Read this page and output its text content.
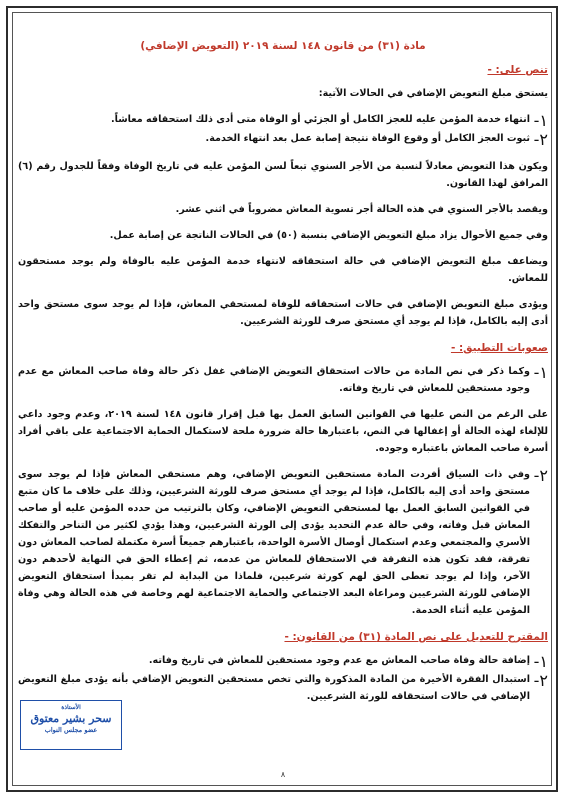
مادة (٣١) من قانون ١٤٨ لسنة ٢٠١٩ (التعويض الإضافي)
تنص على: -

يستحق مبلغ التعويض الإضافي في الحالات الآتية:

١-

انتهاء خدمة المؤمن عليه للعجز الكامل أو الجزئي أو الوفاة متى أدى ذلك استحقاقه معاشاً.

٢-

ثبوت العجز الكامل أو وقوع الوفاة نتيجة إصابة عمل بعد انتهاء الخدمة.

ويكون هذا التعويض معادلاً لنسبة من الأجر السنوي تبعاً لسن المؤمن عليه في تاريخ الوفاة وفقاً للجدول رقم (٦) المرافق لهذا القانون.

ويقصد بالأجر السنوي في هذه الحالة أجر تسوية المعاش مضروباً في اثني عشر.

وفي جميع الأحوال يزاد مبلغ التعويض الإضافي بنسبة (٥٠) في الحالات الناتجة عن إصابة عمل.

ويضاعف مبلغ التعويض الإضافي في حالة استحقاقه لانتهاء خدمة المؤمن عليه بالوفاة ولم يوجد مستحقون للمعاش.

ويؤدى مبلغ التعويض الإضافي في حالات استحقاقه للوفاة لمستحقي المعاش، فإذا لم يوجد سوى مستحق واحد أدى إليه بالكامل، فإذا لم يوجد أي مستحق صرف للورثة الشرعيين.

صعوبات التطبيق: -
١-

وكما ذكر في نص المادة من حالات استحقاق التعويض الإضافي غفل ذكر حالة وفاة صاحب المعاش مع عدم وجود مستحقين للمعاش في تاريخ وفاته.

على الرغم من النص عليها في القوانين السابق العمل بها قبل إقرار قانون ١٤٨ لسنة ٢٠١٩، وعدم وجود داعي للإلغاء لهذه الحالة أو إغفالها في النص، باعتبارها حالة ضرورة ملحة لاستكمال الحماية الاجتماعية على باقي أفراد أسرة صاحب المعاش باعتباره وجوده.

٢-

وفي ذات السياق أفردت المادة مستحقين التعويض الإضافي، وهم مستحقي المعاش فإذا لم يوجد سوى مستحق واحد أدى إليه بالكامل، فإذا لم يوجد أي مستحق صرف للورثة الشرعيين، وذلك على خلاف ما كان متبع في القوانين السابق العمل بها لمستحقي التعويض الإضافي، وكان بالترتيب من حدده المؤمن عليه أو صاحب المعاش قبل وفاته، وفي حالة عدم التحديد يؤدى إلى الورثة الشرعيين، وهذا يؤدي لكثير من التناحر والتفكك الأسري والمجتمعي وعدم استكمال أوصال الأسرة الواحدة، باعتبارهم جميعاً أسرة مكتملة لصاحب المعاش دون تفرقة، فقد تكون هذه التفرقة في الاستحقاق للمعاش من عدمه، ثم إعطاء الحق في النهاية لأحدهم دون الآخر، وإذا لم يوجد تعطى الحق لهم كورثة شرعيين، فلماذا من البداية لم تقر بمبدأ استحقاق التعويض الإضافي للورثة الشرعيين ومراعاة البعد الاجتماعي والحماية الاجتماعية لهم وخاصة في هذه الحالة وهي وفاة المؤمن عليه أثناء الخدمة.

المقترح للتعديل على نص المادة (٣١) من القانون: -
١-

إضافة حالة وفاة صاحب المعاش مع عدم وجود مستحقين للمعاش في تاريخ وفاته.

٢-

استبدال الفقرة الأخيرة من المادة المذكورة والتي تخص مستحقين التعويض الإضافي بأنه يؤدى مبلغ التعويض الإضافي في حالات استحقاقه للورثة الشرعيين.

الأستاذة
سحر بشير معتوق
عضو مجلس النواب
٨
